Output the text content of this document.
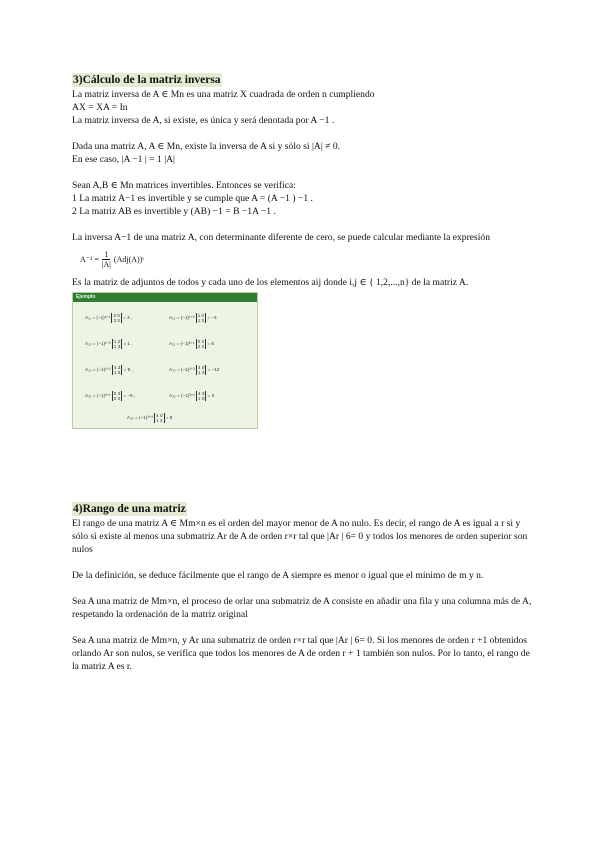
3)Cálculo de la matriz inversa

La matriz inversa de A ∈ Mn es una matriz X cuadrada de orden n cumpliendo

AX = XA = In

La matriz inversa de A, si existe, es única y será denotada por A −1 .

Dada una matriz A, A ∈ Mn, existe la inversa de A si y sólo si |A| ≠ 0.

En ese caso, |A −1 | = 1 |A|

Sean A,B ∈ Mn matrices invertibles. Entonces se verifica:

1 La matriz A−1 es invertible y se cumple que A = (A −1 ) −1 .

2 La matriz AB es invertible y (AB) −1 = B −1A −1 .

La inversa A−1 de una matriz A, con determinante diferente de cero, se puede calcular mediante la expresión

$A^{-1} = \frac{1}{|A|}$ (Adj(A))ᵗ

Es la matriz de adjuntos de todos y cada uno de los elementos aij donde i,j ∈ { 1,2,...,n} de la matriz A.

Ejemplo
A₁₁ = (−1)¹⁺¹ 2 0
3 3
= 3 ,	A₁₂ = (−1)¹⁺² 1 0
1 3
= −3
A₁₃ = (−1)¹⁺³ 1 2
1 3
= 1 ,	A₂₁ = (−1)²⁺¹ 0 3
2 3
= 6
A₂₂ = (−1)²⁺² 4 3
1 3
= 9 ,	A₂₃ = (−1)²⁺³ 4 0
1 3
= −12
A₃₁ = (−1)³⁺¹ 0 3
2 0
= −6 ,	A₃₂ = (−1)³⁺² 4 3
1 0
= 3
A₃₃ = (−1)³⁺³ 4 0
1 2
= 8
4)Rango de una matriz

El rango de una matriz A ∈ Mm×n es el orden del mayor menor de A no nulo. Es decir, el rango de A es igual a r si y sólo si existe al menos una submatriz Ar de A de orden r×r tal que |Ar | 6= 0 y todos los menores de orden superior son nulos

De la definición, se deduce fácilmente que el rango de A siempre es menor o igual que el mínimo de m y n.

Sea A una matriz de Mm×n, el proceso de orlar una submatriz de A consiste en añadir una fila y una columna más de A, respetando la ordenación de la matriz original

Sea A una matriz de Mm×n, y Ar una submatriz de orden r×r tal que |Ar | 6= 0. Si los menores de orden r +1 obtenidos orlando Ar son nulos, se verifica que todos los menores de A de orden r + 1 también son nulos. Por lo tanto, el rango de la matriz A es r.
